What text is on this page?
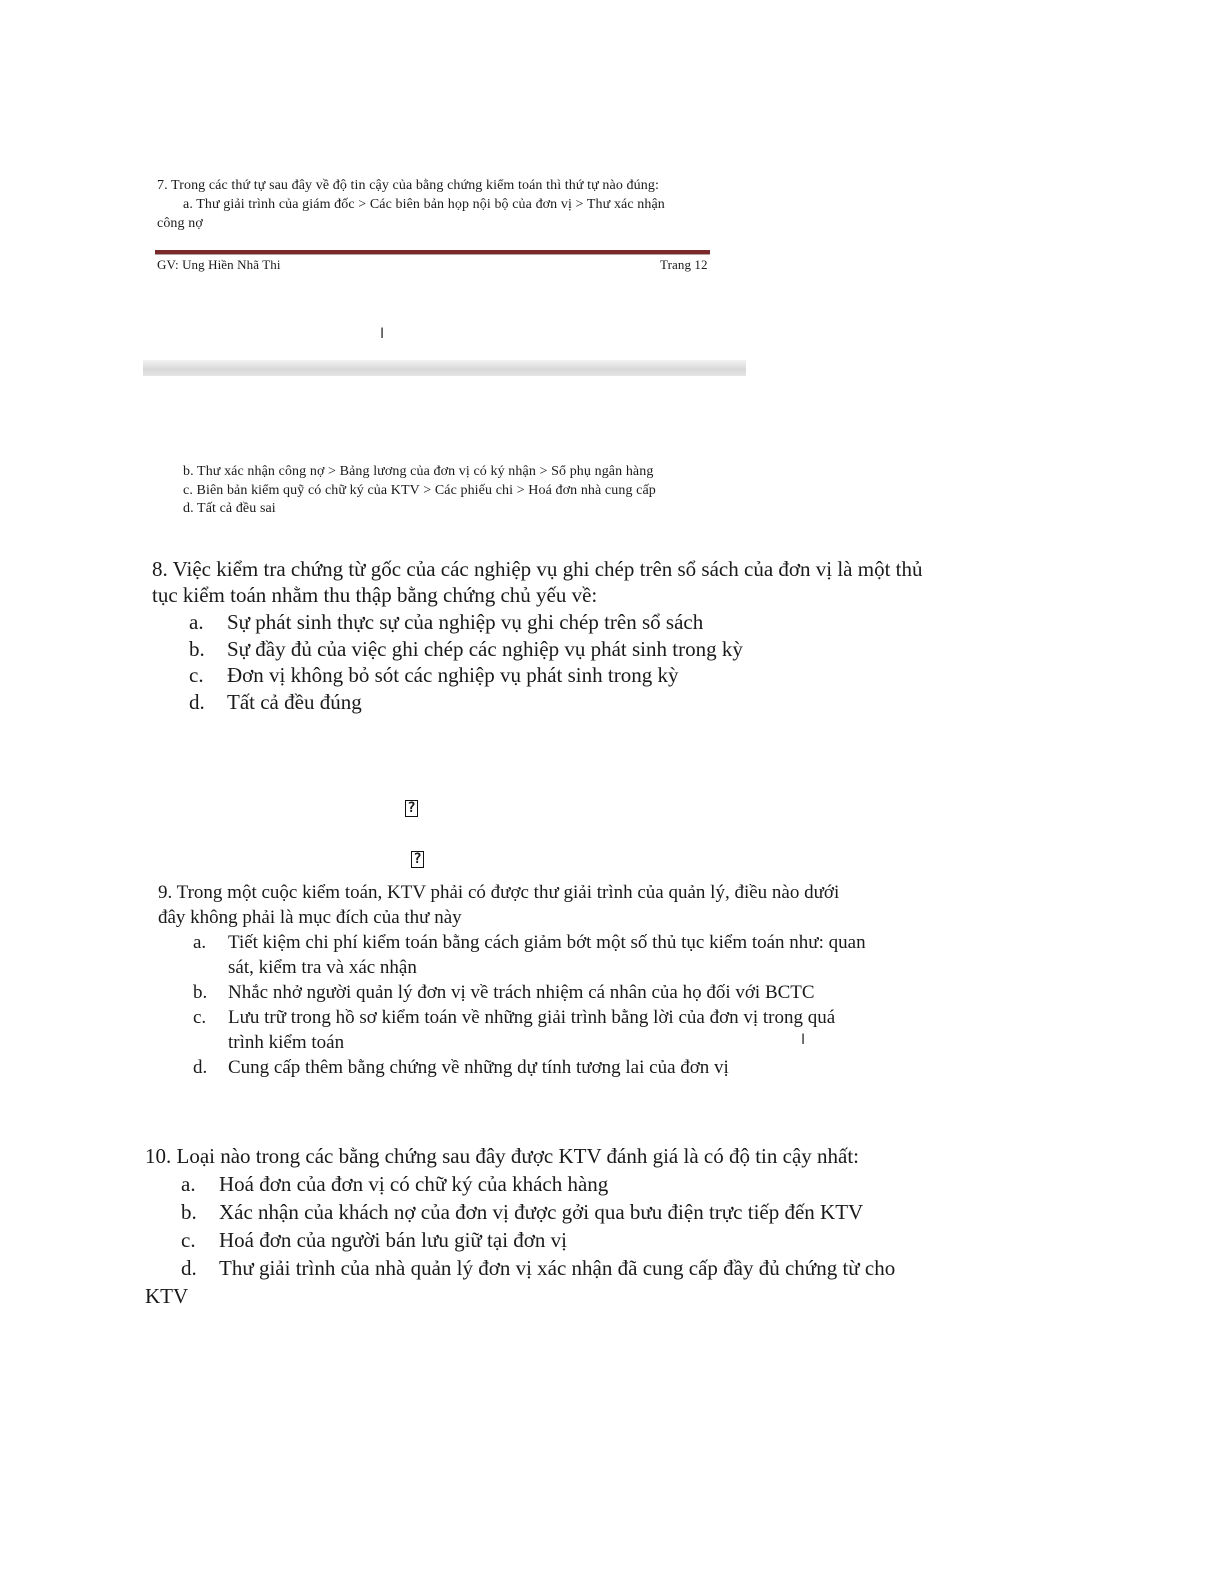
7. Trong các thứ tự sau đây về độ tin cậy của bằng chứng kiểm toán thì thứ tự nào đúng:
a. Thư giải trình của giám đốc > Các biên bản họp nội bộ của đơn vị > Thư xác nhận
công nợ
GV: Ung Hiền Nhã Thi	Trang 12
I
b. Thư xác nhận công nợ > Bảng lương của đơn vị có ký nhận > Sổ phụ ngân hàng
c. Biên bản kiểm quỹ có chữ ký của KTV > Các phiếu chi > Hoá đơn nhà cung cấp
d. Tất cả đều sai
8. Việc kiểm tra chứng từ gốc của các nghiệp vụ ghi chép trên sổ sách của đơn vị là một thủ
tục kiểm toán nhằm thu thập bằng chứng chủ yếu về:
a. Sự phát sinh thực sự của nghiệp vụ ghi chép trên sổ sách
b. Sự đầy đủ của việc ghi chép các nghiệp vụ phát sinh trong kỳ
c. Đơn vị không bỏ sót các nghiệp vụ phát sinh trong kỳ
d. Tất cả đều đúng
?
?
9. Trong một cuộc kiểm toán, KTV phải có được thư giải trình của quản lý, điều nào dưới
đây không phải là mục đích của thư này
a. Tiết kiệm chi phí kiểm toán bằng cách giảm bớt một số thủ tục kiểm toán như: quan
sát, kiểm tra và xác nhận
b. Nhắc nhở người quản lý đơn vị về trách nhiệm cá nhân của họ đối với BCTC
c. Lưu trữ trong hồ sơ kiểm toán về những giải trình bằng lời của đơn vị trong quá
trình kiểm toán	I
d. Cung cấp thêm bằng chứng về những dự tính tương lai của đơn vị
10. Loại nào trong các bằng chứng sau đây được KTV đánh giá là có độ tin cậy nhất:
a. Hoá đơn của đơn vị có chữ ký của khách hàng
b. Xác nhận của khách nợ của đơn vị được gởi qua bưu điện trực tiếp đến KTV
c. Hoá đơn của người bán lưu giữ tại đơn vị
d. Thư giải trình của nhà quản lý đơn vị xác nhận đã cung cấp đầy đủ chứng từ cho
KTV
